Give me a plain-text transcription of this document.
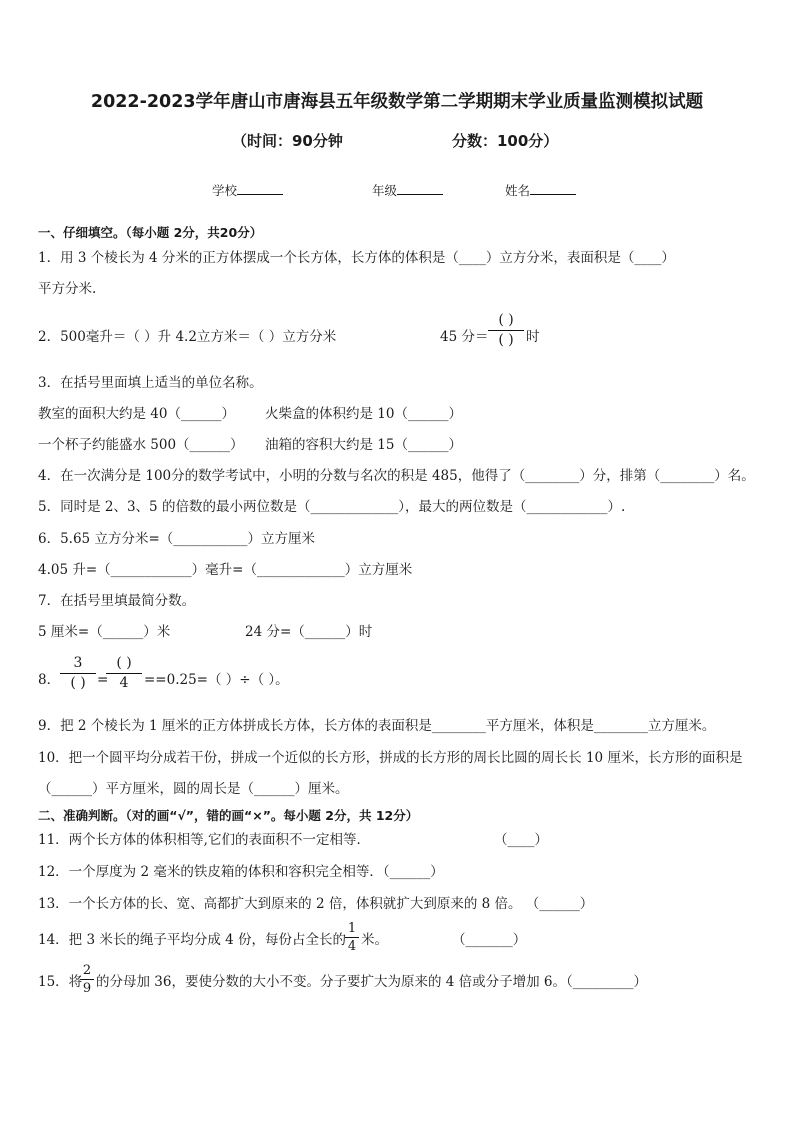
2022-2023学年唐山市唐海县五年级数学第二学期期末学业质量监测模拟试题
（时间：90分钟	分数：100分）
学校	年级	姓名
一、仔细填空。（每小题 2分，共20分）
1．用 3 个棱长为 4 分米的正方体摆成一个长方体，长方体的体积是（____）立方分米，表面积是（____）
平方分米.
2．500毫升＝（ ）升 4.2立方米＝（ ）立方分米	45 分＝
( )
( ) 时
3．在括号里面填上适当的单位名称。
教室的面积大约是 40（______） 火柴盒的体积约是 10（______）
一个杯子约能盛水 500（______） 油箱的容积大约是 15（______）
4．在一次满分是 100分的数学考试中，小明的分数与名次的积是 485，他得了（________）分，排第（________）名。
5．同时是 2、3、5 的倍数的最小两位数是（_____________），最大的两位数是（____________）.
6．5.65 立方分米=（___________）立方厘米
4.05 升=（____________）毫升=（_____________）立方厘米
7．在括号里填最简分数。
5 厘米=（______）米	24 分=（______）时
8．
3
( ) =
( )
4	==0.25=（ ）÷（ ）。
9．把 2 个棱长为 1 厘米的正方体拼成长方体，长方体的表面积是________平方厘米，体积是________立方厘米。
10．把一个圆平均分成若干份，拼成一个近似的长方形，拼成的长方形的周长比圆的周长长 10 厘米，长方形的面积是
（______）平方厘米，圆的周长是（______）厘米。
二、准确判断。（对的画“√”，错的画“×”。每小题 2分，共 12分）
11．两个长方体的体积相等,它们的表面积不一定相等．	（____）
12．一个厚度为 2 毫米的铁皮箱的体积和容积完全相等．（______）
13．一个长方体的长、宽、高都扩大到原来的 2 倍，体积就扩大到原来的 8 倍。 （______）
14．把 3 米长的绳子平均分成 4 份，每份占全长的
1
4 米。	（_______）
15．将
2
9 的分母加 36，要使分数的大小不变。分子要扩大为原来的 4 倍或分子增加 6。（_________）
